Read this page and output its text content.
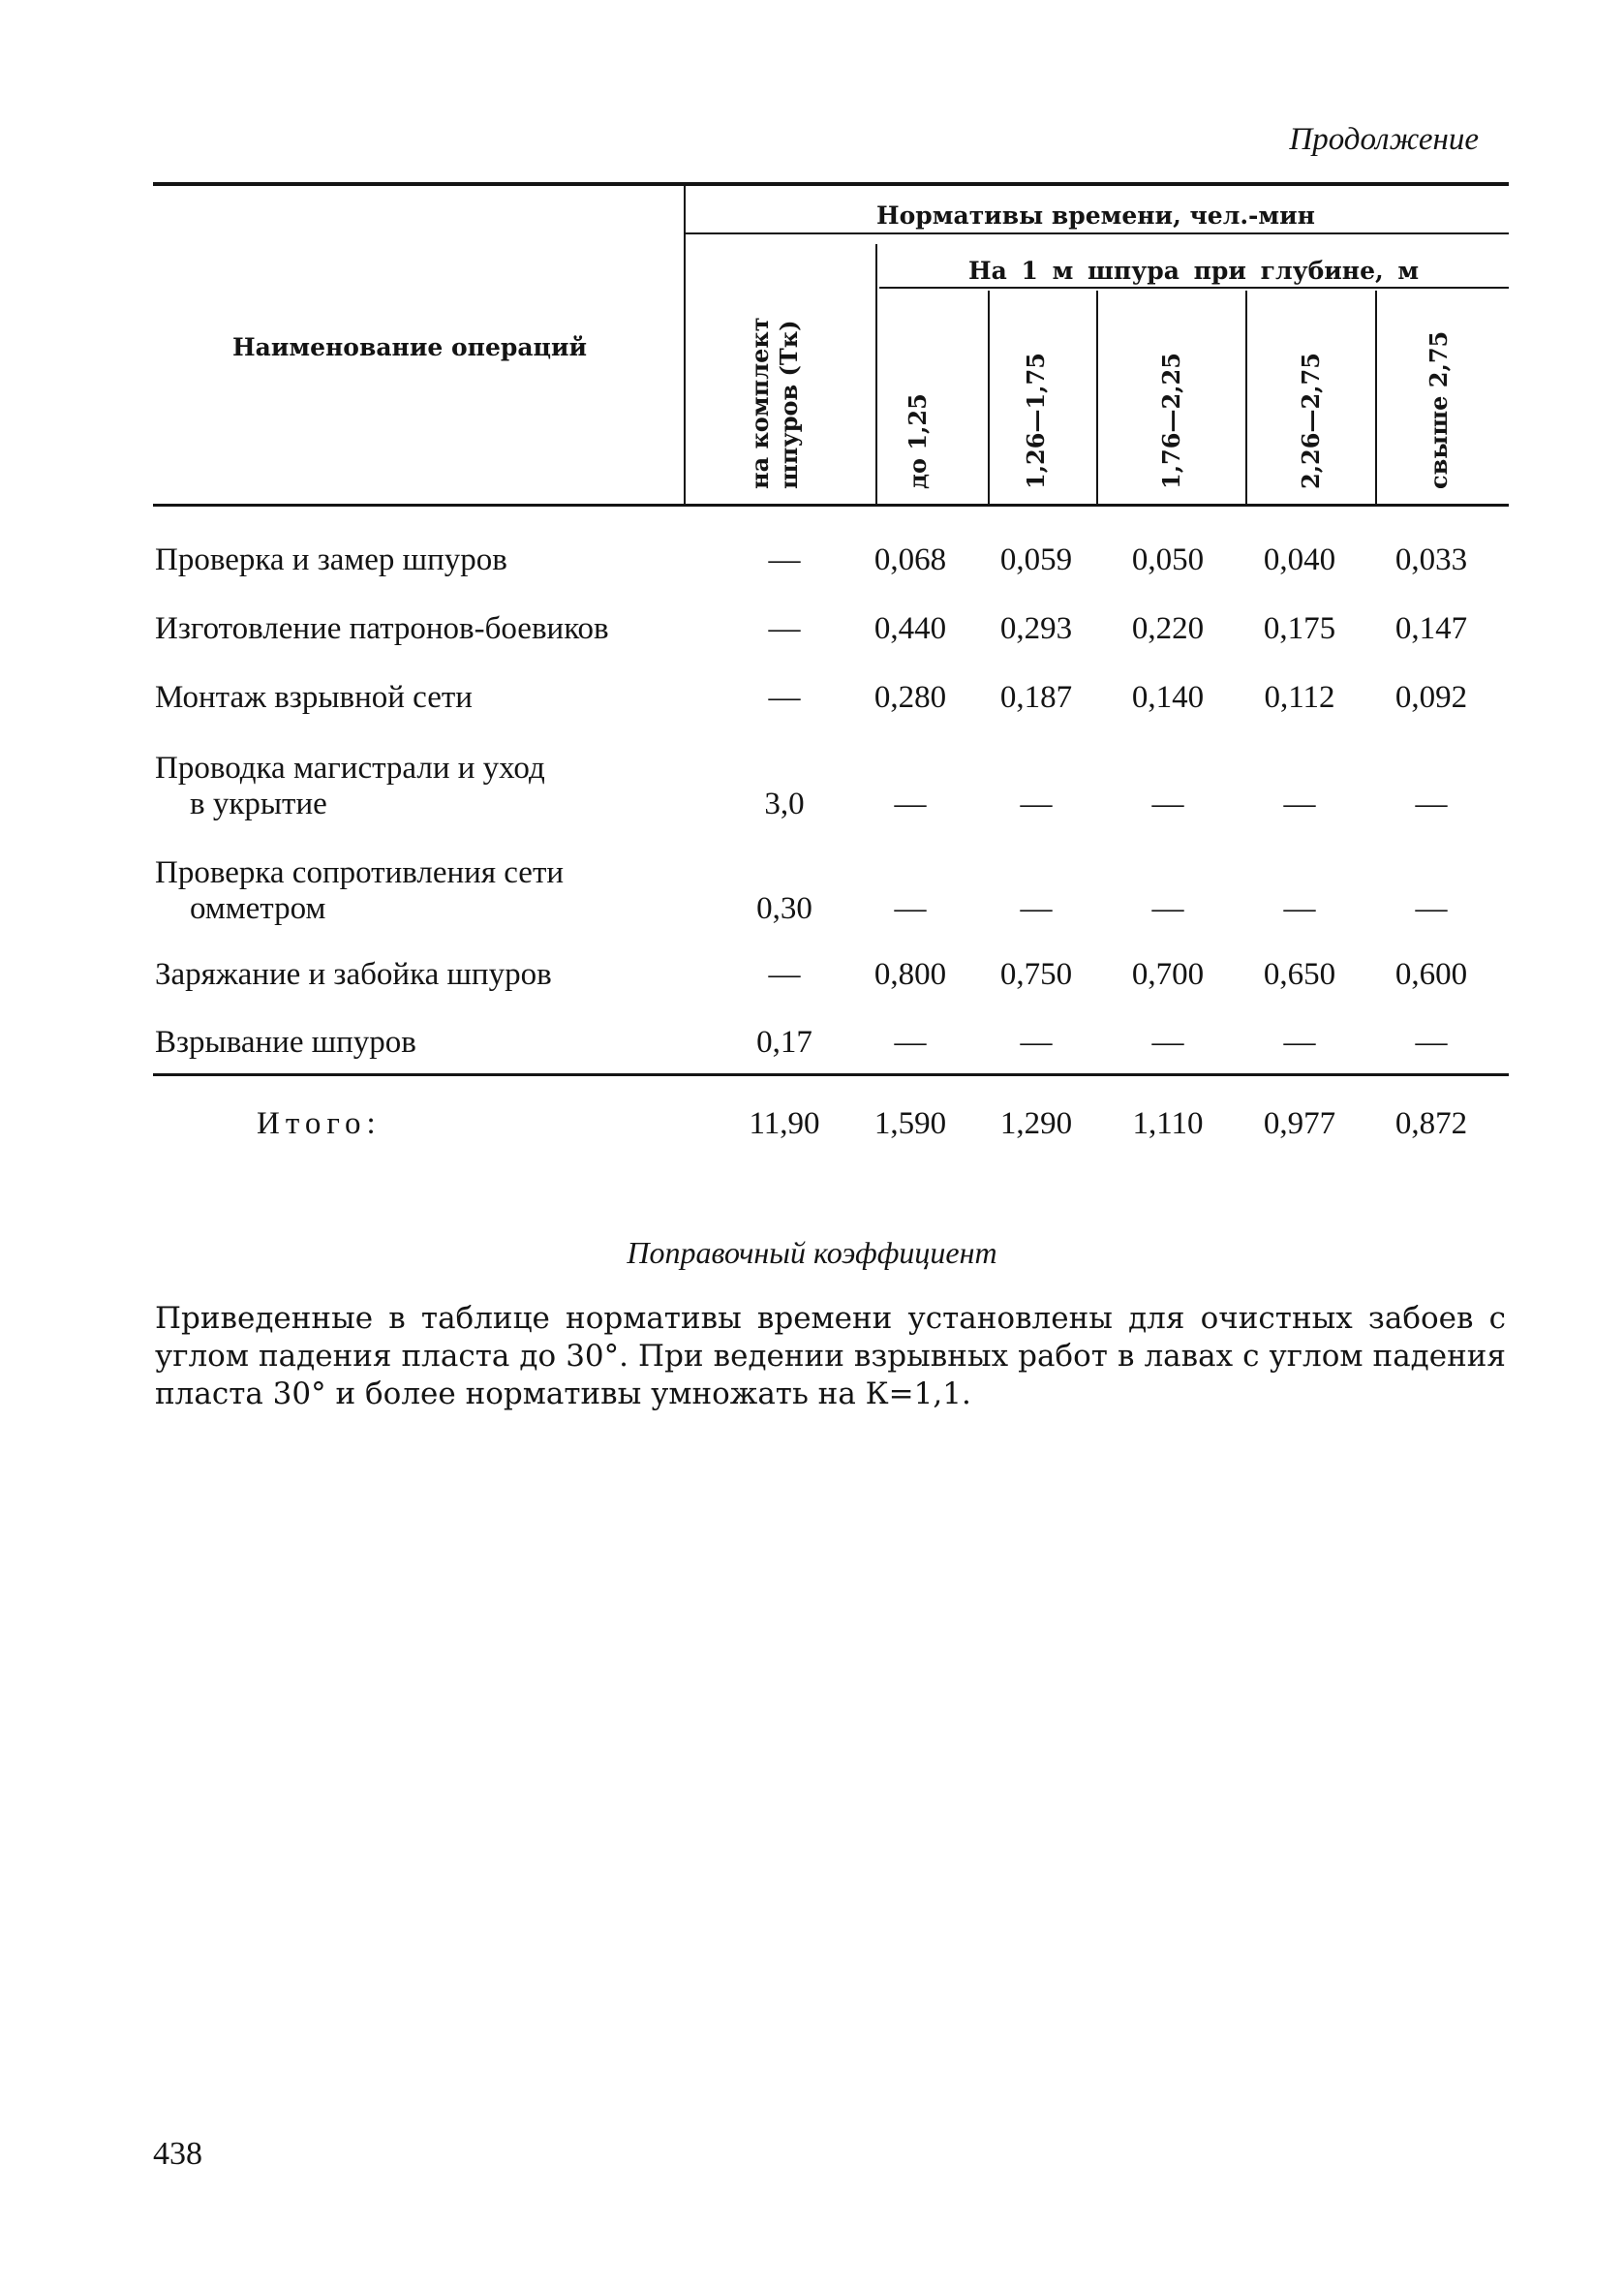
Продолжение
Наименование операций
Нормативы времени, чел.-мин
На 1 м шпура при глубине, м
на комплект шпуров (Тк)	до 1,25	1,26—1,75	1,76—2,25	2,26—2,75	свыше 2,75
Проверка и замер шпуров	—	0,068	0,059	0,050	0,040	0,033
Изготовление патронов-боевиков	—	0,440	0,293	0,220	0,175	0,147
Монтаж взрывной сети	—	0,280	0,187	0,140	0,112	0,092
Проводка магистрали и уход
в укрытие	3,0	—	—	—	—	—
Проверка сопротивления сети
омметром	0,30	—	—	—	—	—
Заряжание и забойка шпуров	—	0,800	0,750	0,700	0,650	0,600
Взрывание шпуров	0,17	—	—	—	—	—
Итого:	11,90	1,590	1,290	1,110	0,977	0,872
Поправочный коэффициент
Приведенные в таблице нормативы времени установлены для очистных забоев с углом падения пласта до 30°. При ведении взрывных работ в лавах с углом падения пласта 30° и более нормативы умножать на К=1,1.
438
